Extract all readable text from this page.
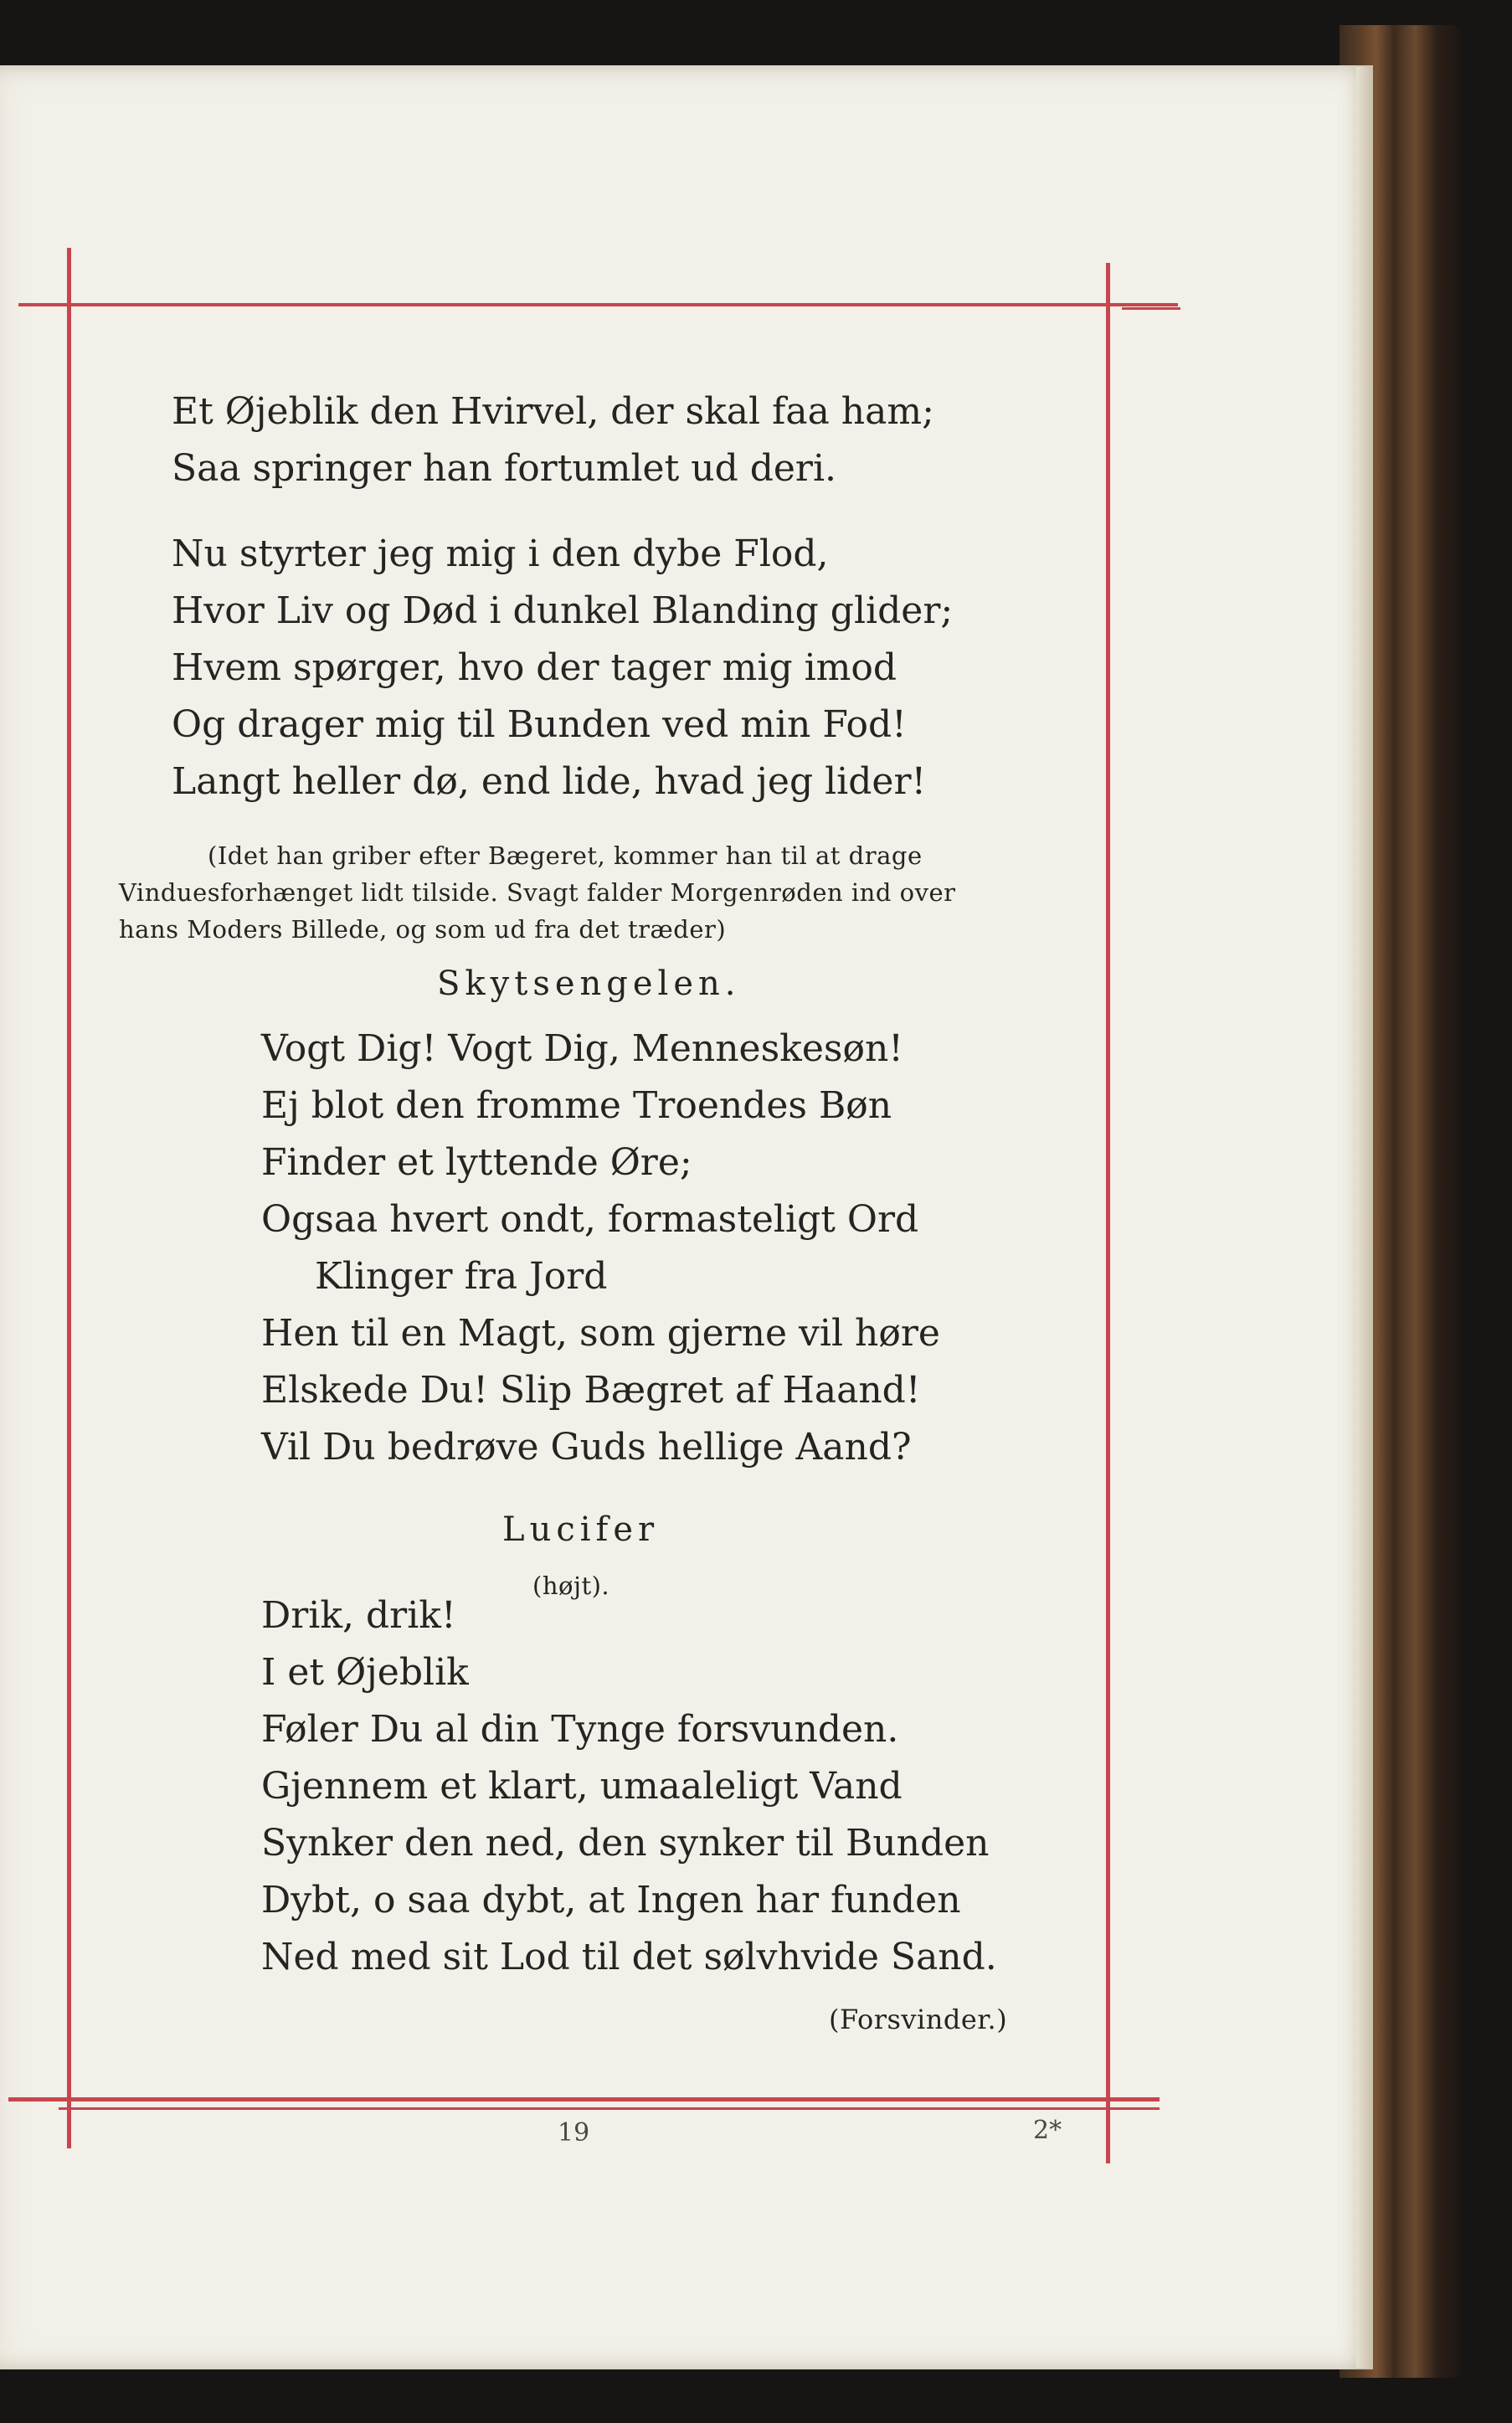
Et Øjeblik den Hvirvel, der skal faa ham;
Saa springer han fortumlet ud deri.
Nu styrter jeg mig i den dybe Flod,
Hvor Liv og Død i dunkel Blanding glider;
Hvem spørger, hvo der tager mig imod
Og drager mig til Bunden ved min Fod!
Langt heller dø, end lide, hvad jeg lider!
(Idet han griber efter Bægeret, kommer han til at drage
Vinduesforhænget lidt tilside. Svagt falder Morgenrøden ind over
hans Moders Billede, og som ud fra det træder)
Skytsengelen.
Vogt Dig! Vogt Dig, Menneskesøn!
Ej blot den fromme Troendes Bøn
Finder et lyttende Øre;
Ogsaa hvert ondt, formasteligt Ord
Klinger fra Jord
Hen til en Magt, som gjerne vil høre
Elskede Du! Slip Bægret af Haand!
Vil Du bedrøve Guds hellige Aand?
Lucifer
(højt).
Drik, drik!
I et Øjeblik
Føler Du al din Tynge forsvunden.
Gjennem et klart, umaaleligt Vand
Synker den ned, den synker til Bunden
Dybt, o saa dybt, at Ingen har funden
Ned med sit Lod til det sølvhvide Sand.
(Forsvinder.)
19	2*
